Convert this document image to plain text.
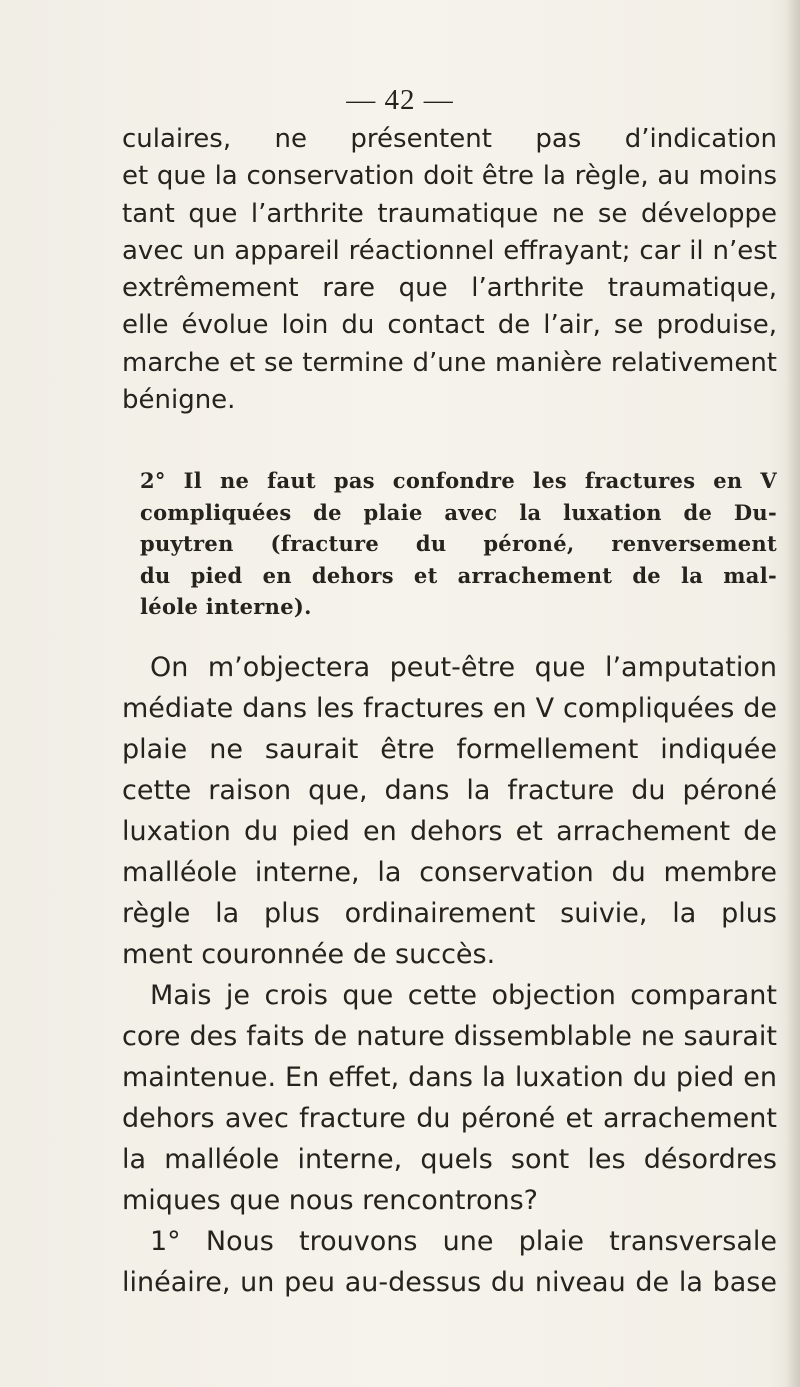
— 42 —
culaires, ne présentent pas d’indication
et que la conservation doit être la règle, au moins
tant que l’arthrite traumatique ne se développe
avec un appareil réactionnel effrayant; car il n’est
extrêmement rare que l’arthrite traumatique,
elle évolue loin du contact de l’air, se produise,
marche et se termine d’une manière relativement
bénigne.
2° Il ne faut pas confondre les fractures en V
compliquées de plaie avec la luxation de Du-
puytren (fracture du péroné, renversement
du pied en dehors et arrachement de la mal-
léole interne).
On m’objectera peut-être que l’amputation
médiate dans les fractures en V compliquées de
plaie ne saurait être formellement indiquée
cette raison que, dans la fracture du péroné
luxation du pied en dehors et arrachement de
malléole interne, la conservation du membre
règle la plus ordinairement suivie, la plus
ment couronnée de succès.
Mais je crois que cette objection comparant
core des faits de nature dissemblable ne saurait
maintenue. En effet, dans la luxation du pied en
dehors avec fracture du péroné et arrachement
la malléole interne, quels sont les désordres
miques que nous rencontrons?
1° Nous trouvons une plaie transversale
linéaire, un peu au-dessus du niveau de la base
